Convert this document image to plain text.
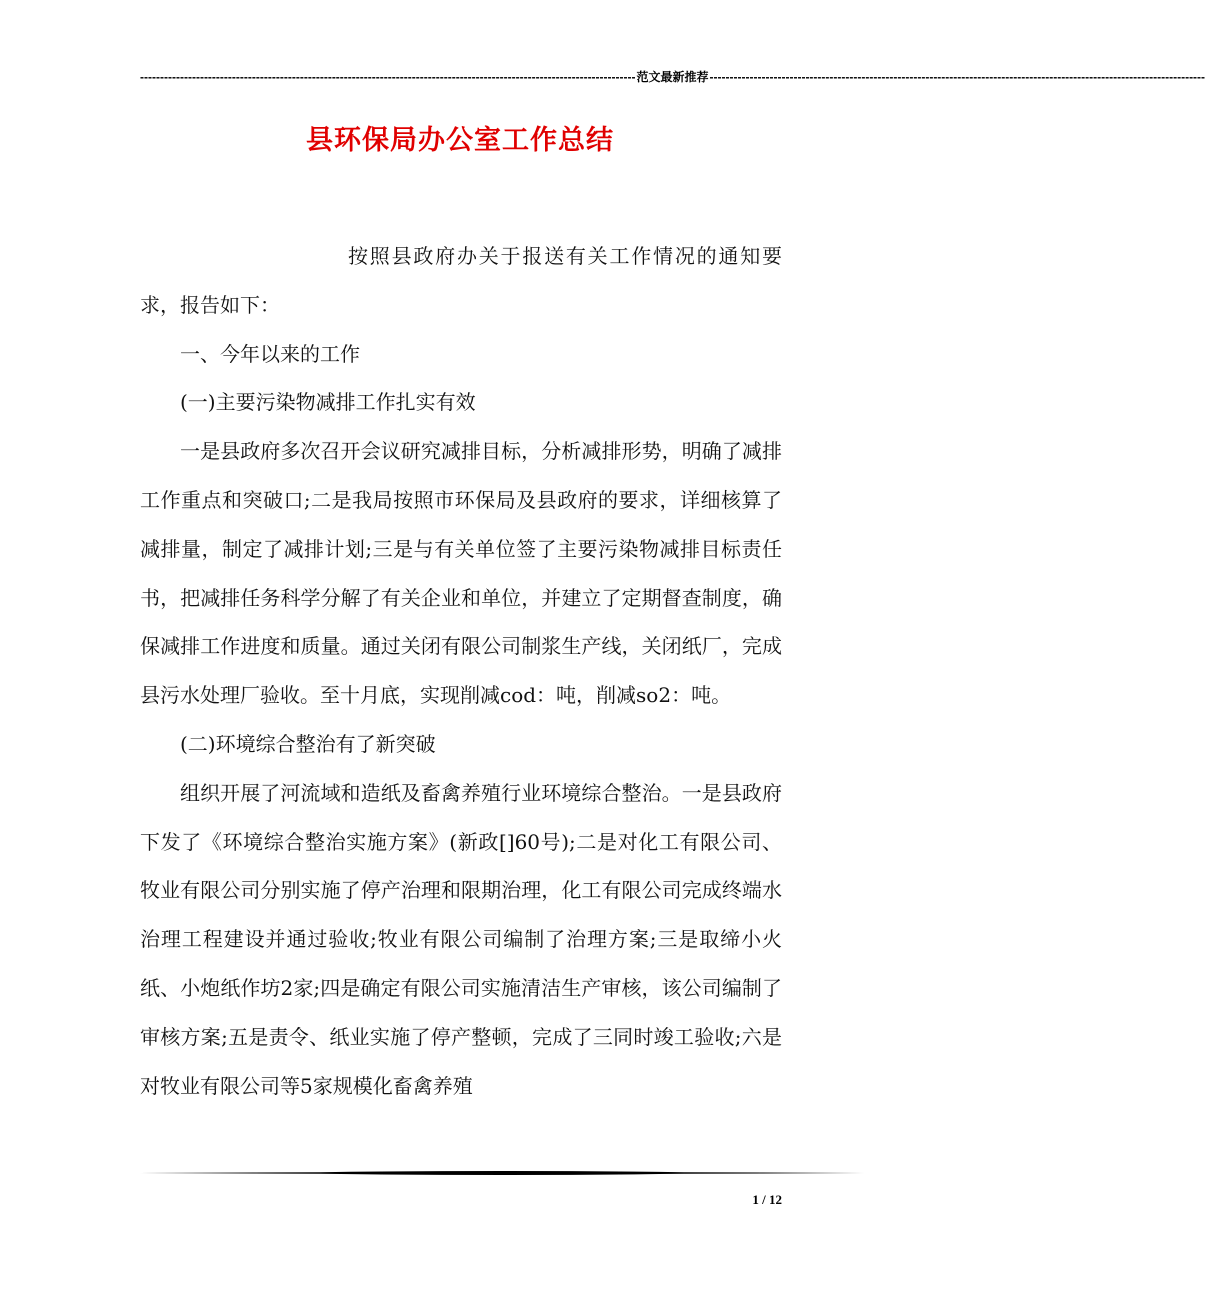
---------------------------------------------------------------------------------------------------------------------------- 范文最新推荐 ----------------------------------------------------------------------------------------------------------------------------
县环保局办公室工作总结

按照县政府办关于报送有关工作情况的通知要求，报告如下：

一、今年以来的工作

(一)主要污染物减排工作扎实有效

一是县政府多次召开会议研究减排目标，分析减排形势，明确了减排工作重点和突破口;二是我局按照市环保局及县政府的要求，详细核算了减排量，制定了减排计划;三是与有关单位签了主要污染物减排目标责任书，把减排任务科学分解了有关企业和单位，并建立了定期督查制度，确保减排工作进度和质量。通过关闭有限公司制浆生产线，关闭纸厂，完成县污水处理厂验收。至十月底，实现削减cod：吨，削减so2：吨。

(二)环境综合整治有了新突破

组织开展了河流域和造纸及畜禽养殖行业环境综合整治。一是县政府下发了《环境综合整治实施方案》(新政[]60号);二是对化工有限公司、牧业有限公司分别实施了停产治理和限期治理，化工有限公司完成终端水治理工程建设并通过验收;牧业有限公司编制了治理方案;三是取缔小火纸、小炮纸作坊2家;四是确定有限公司实施清洁生产审核，该公司编制了审核方案;五是责令、纸业实施了停产整顿，完成了三同时竣工验收;六是对牧业有限公司等5家规模化畜禽养殖

1 / 12
